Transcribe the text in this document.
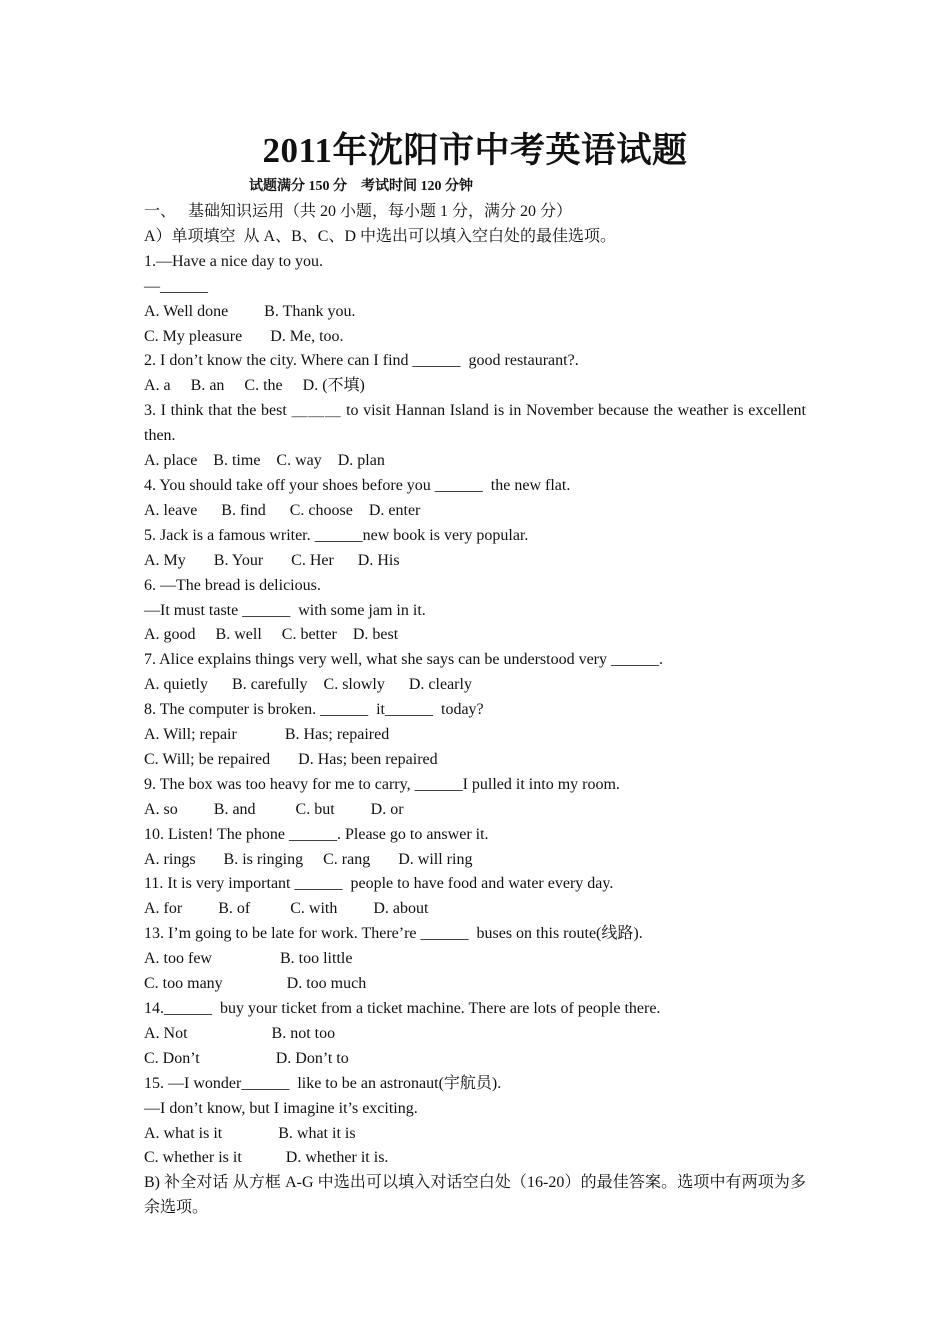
2011年沈阳市中考英语试题
试题满分 150 分    考试时间 120 分钟
一、   基础知识运用（共 20 小题，每小题 1 分，满分 20 分）
A）单项填空  从 A、B、C、D 中选出可以填入空白处的最佳选项。
1.—Have a nice day to you.
—______
A. Well done         B. Thank you.
C. My pleasure       D. Me, too.
2. I don’t know the city. Where can I find ______  good restaurant?.
A. a     B. an     C. the     D. (不填)
3. I think that the best ＿＿＿ to visit Hannan Island is in November because the weather is excellent then.
A. place    B. time    C. way    D. plan
4. You should take off your shoes before you ______  the new flat.
A. leave      B. find      C. choose    D. enter
5. Jack is a famous writer. ______new book is very popular.
A. My       B. Your       C. Her      D. His
6. —The bread is delicious.
—It must taste ______  with some jam in it.
A. good     B. well     C. better    D. best
7. Alice explains things very well, what she says can be understood very ______.
A. quietly      B. carefully    C. slowly      D. clearly
8. The computer is broken. ______  it______  today?
A. Will; repair            B. Has; repaired
C. Will; be repaired       D. Has; been repaired
9. The box was too heavy for me to carry, ______I pulled it into my room.
A. so         B. and          C. but         D. or
10. Listen! The phone ______. Please go to answer it.
A. rings       B. is ringing     C. rang       D. will ring
11. It is very important ______  people to have food and water every day.
A. for         B. of          C. with         D. about
13. I’m going to be late for work. There’re ______  buses on this route(线路).
A. too few                 B. too little
C. too many                D. too much
14.______  buy your ticket from a ticket machine. There are lots of people there.
A. Not                     B. not too
C. Don’t                   D. Don’t to
15. —I wonder______  like to be an astronaut(宇航员).
—I don’t know, but I imagine it’s exciting.
A. what is it              B. what it is
C. whether is it           D. whether it is.
B) 补全对话 从方框 A-G 中选出可以填入对话空白处（16-20）的最佳答案。选项中有两项为多余选项。
